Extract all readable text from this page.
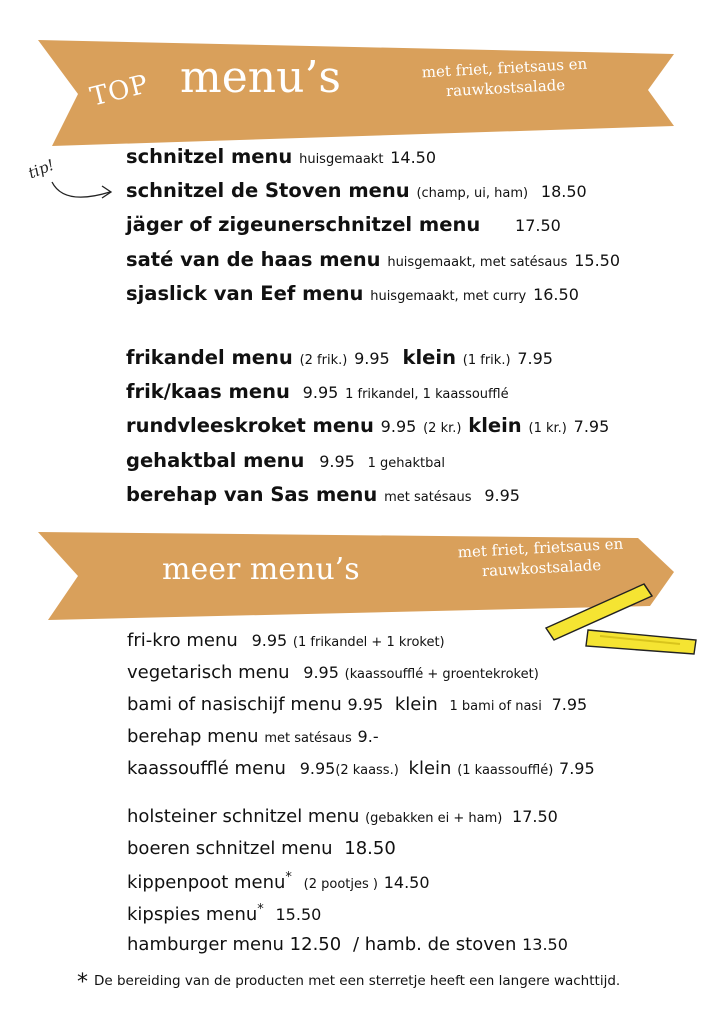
TOP menu’s	met friet, frietsaus en
rauwkostsalade
tip!	schnitzel menu huisgemaakt 14.50
schnitzel de Stoven menu (champ, ui, ham) 18.50
jäger of zigeunerschnitzel menu 17.50
saté van de haas menu huisgemaakt, met satésaus 15.50
sjaslick van Eef menu huisgemaakt, met curry 16.50
frikandel menu (2 frik.) 9.95 klein (1 frik.) 7.95
frik/kaas menu 9.95 1 frikandel, 1 kaassoufflé
rundvleeskroket menu 9.95 (2 kr.) klein (1 kr.) 7.95
gehaktbal menu 9.95 1 gehaktbal
berehap van Sas menu met satésaus 9.95
meer menu’s
met friet, frietsaus en
rauwkostsalade
fri-kro menu 9.95 (1 frikandel + 1 kroket)
vegetarisch menu 9.95 (kaassoufflé + groentekroket)
bami of nasischijf menu 9.95 klein 1 bami of nasi 7.95
berehap menu met satésaus 9.-
kaassoufflé menu 9.95(2 kaass.) klein (1 kaassoufflé) 7.95
holsteiner schnitzel menu (gebakken ei + ham) 17.50
boeren schnitzel menu 18.50
kippenpoot menu* (2 pootjes ) 14.50
kipspies menu* 15.50
hamburger menu 12.50 / hamb. de stoven 13.50
* De bereiding van de producten met een sterretje heeft een langere wachttijd.
